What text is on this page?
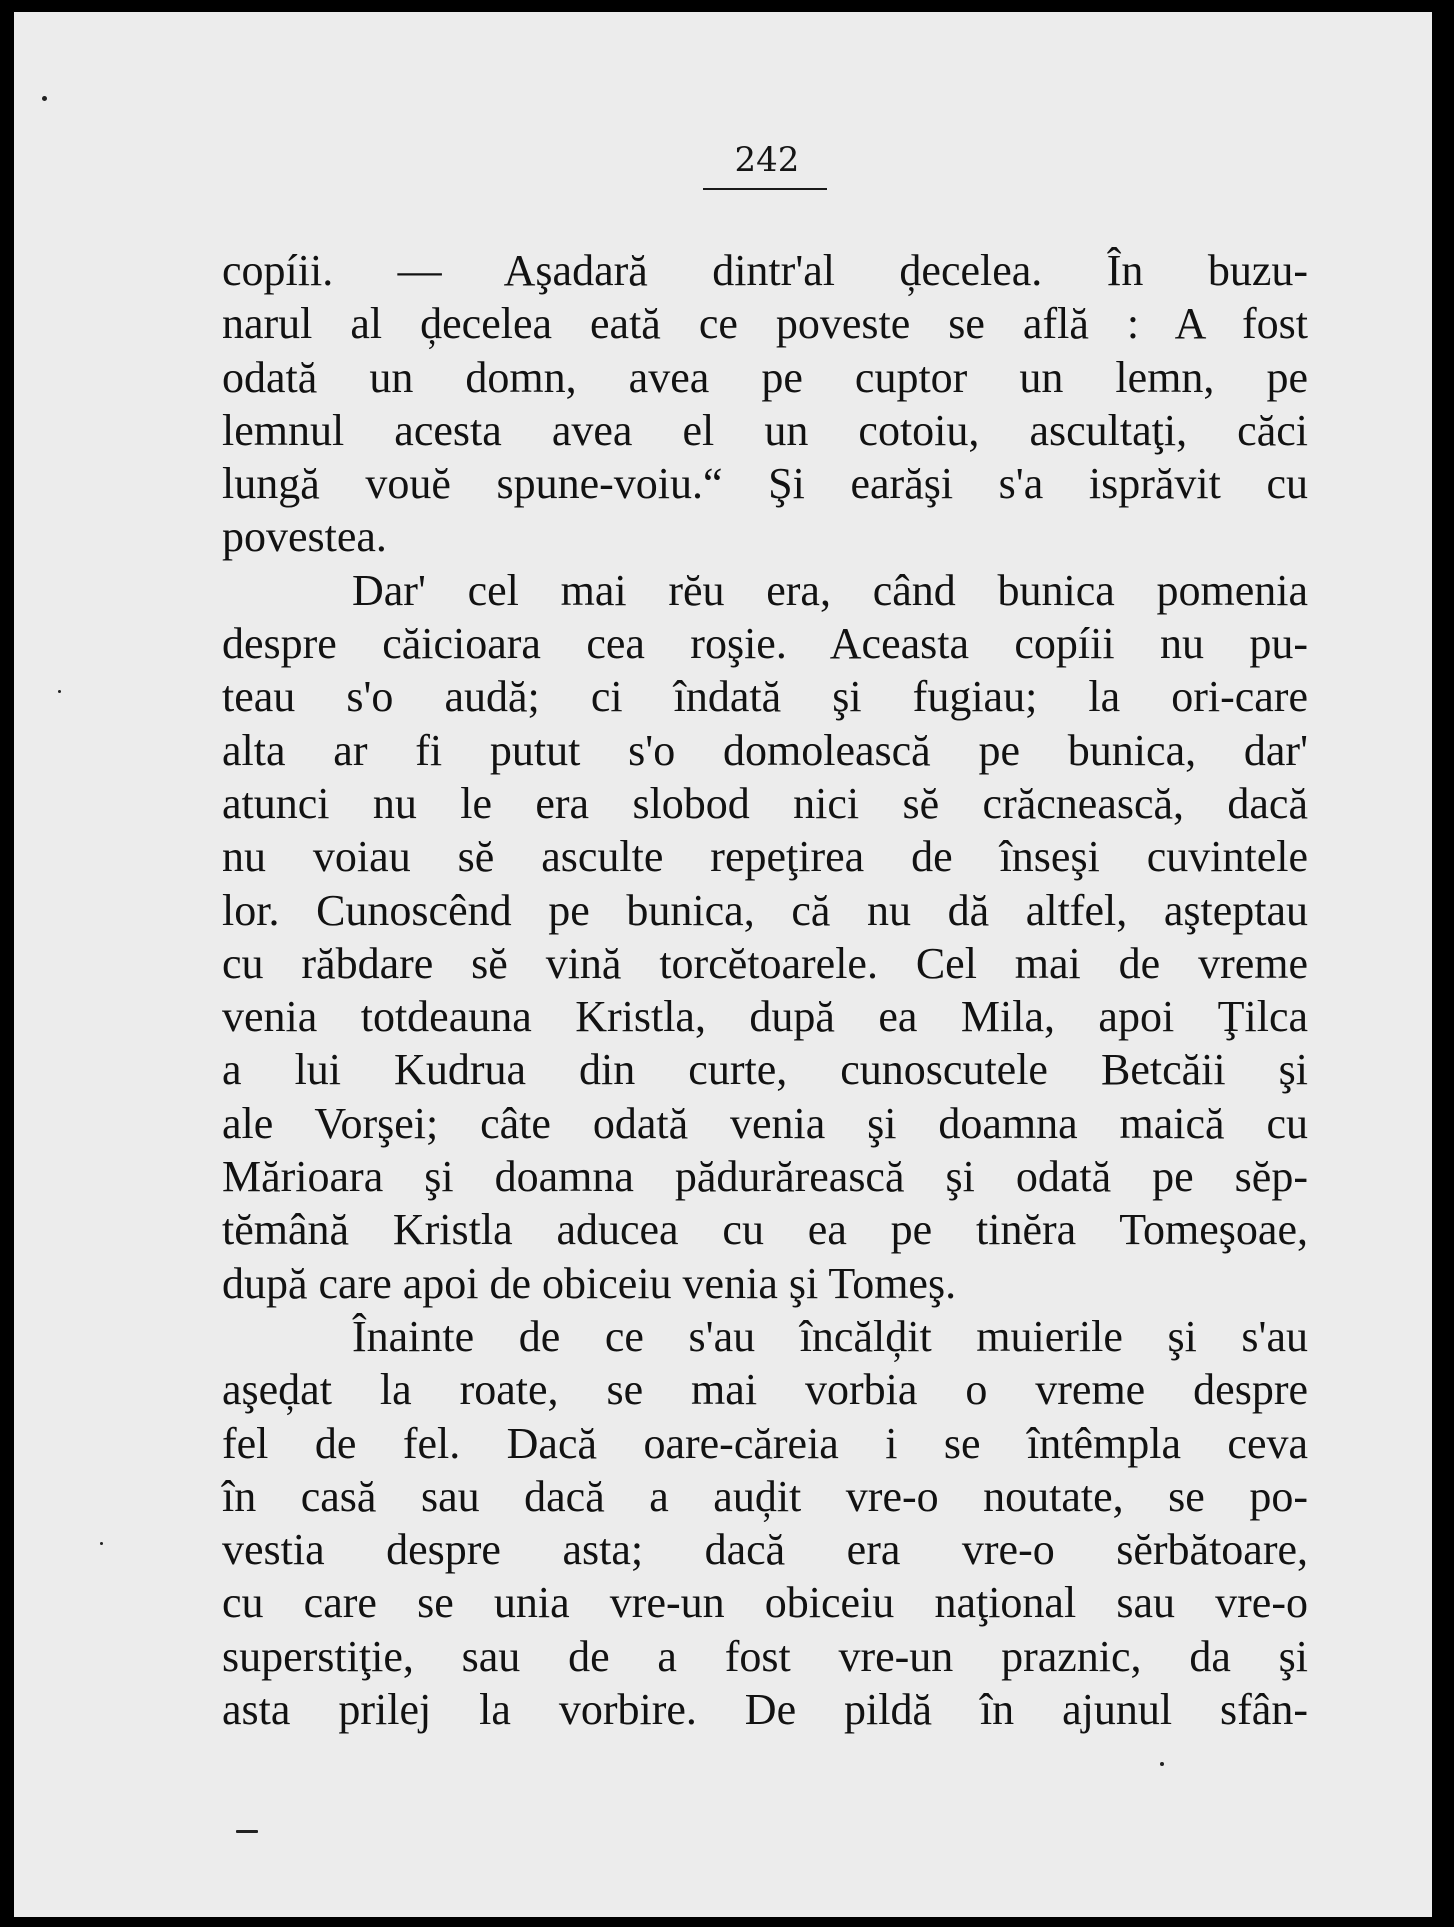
242
copíii. — Aşadară dintr'al ḑecelea. În buzu-
narul al ḑecelea eată ce poveste se află : A fost
odată un domn, avea pe cuptor un lemn, pe
lemnul acesta avea el un cotoiu, ascultaţi, căci
lungă vouĕ spune-voiu.“ Şi earăşi s'a isprăvit cu
povestea.
Dar' cel mai rĕu era, când bunica pomenia
despre căicioara cea roşie. Aceasta copíii nu pu-
teau s'o audă; ci îndată şi fugiau; la ori-care
alta ar fi putut s'o domolească pe bunica, dar'
atunci nu le era slobod nici sĕ crăcnească, dacă
nu voiau sĕ asculte repeţirea de înseşi cuvintele
lor. Cunoscênd pe bunica, că nu dă altfel, aşteptau
cu răbdare sĕ vină torcĕtoarele. Cel mai de vreme
venia totdeauna Kristla, după ea Mila, apoi Ţilca
a lui Kudrua din curte, cunoscutele Betcăii şi
ale Vorşei; câte odată venia şi doamna maică cu
Mărioara şi doamna pădurărească şi odată pe sĕp-
tĕmână Kristla aducea cu ea pe tinĕra Tomeşoae,
după care apoi de obiceiu venia şi Tomeş.
Înainte de ce s'au încălḑit muierile şi s'au
aşeḑat la roate, se mai vorbia o vreme despre
fel de fel. Dacă oare-căreia i se întêmpla ceva
în casă sau dacă a auḑit vre-o noutate, se po-
vestia despre asta; dacă era vre-o sĕrbătoare,
cu care se unia vre-un obiceiu naţional sau vre-o
superstiţie, sau de a fost vre-un praznic, da şi
asta prilej la vorbire. De pildă în ajunul sfân-
